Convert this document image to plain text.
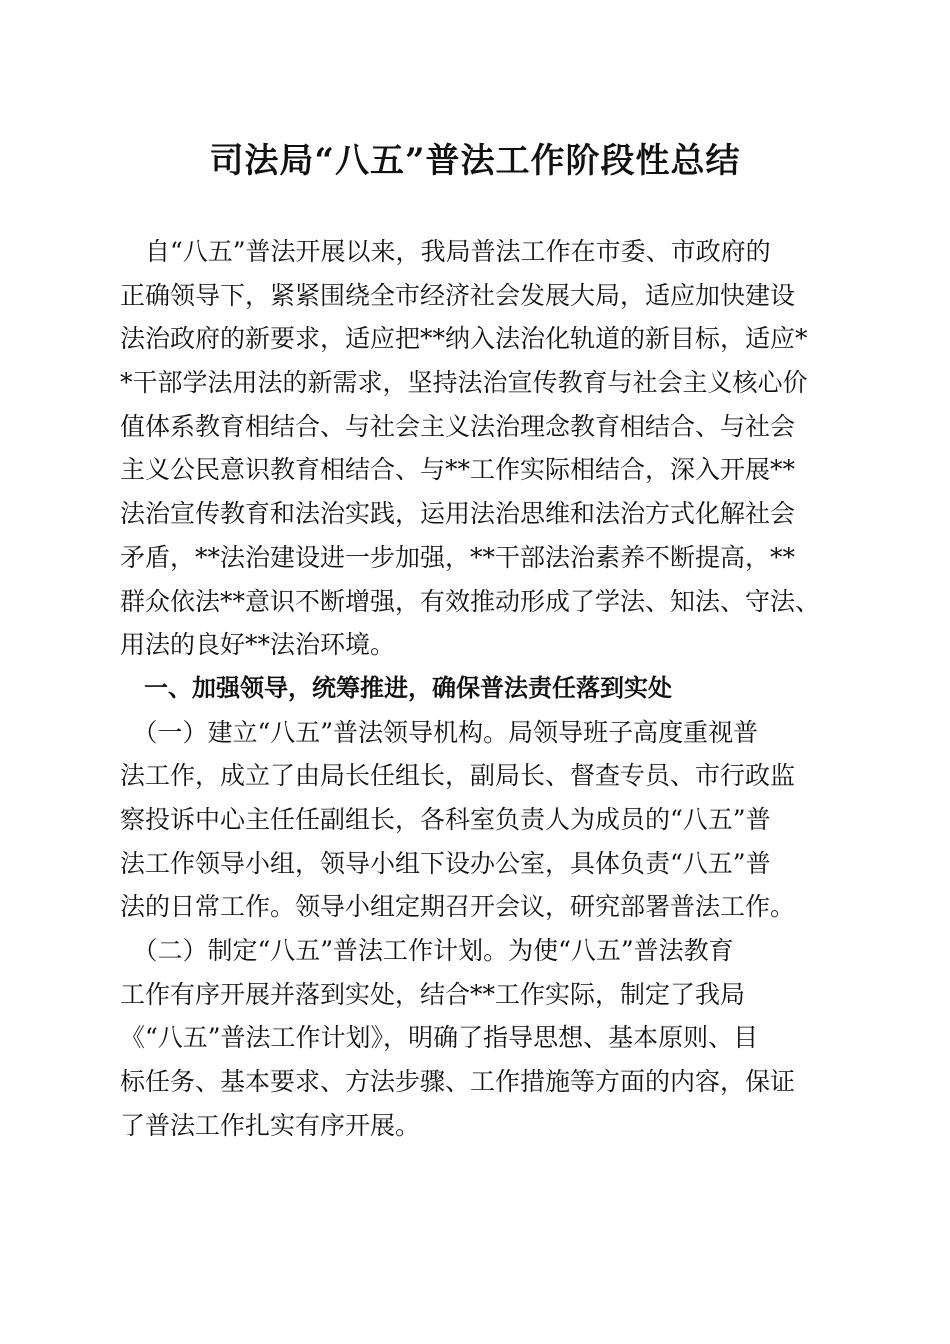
司法局“八五”普法工作阶段性总结
　自“八五”普法开展以来，我局普法工作在市委、市政府的
正确领导下，紧紧围绕全市经济社会发展大局，适应加快建设
法治政府的新要求，适应把**纳入法治化轨道的新目标，适应*
*干部学法用法的新需求，坚持法治宣传教育与社会主义核心价
值体系教育相结合、与社会主义法治理念教育相结合、与社会
主义公民意识教育相结合、与**工作实际相结合，深入开展**
法治宣传教育和法治实践，运用法治思维和法治方式化解社会
矛盾，**法治建设进一步加强，**干部法治素养不断提高，**
群众依法**意识不断增强，有效推动形成了学法、知法、守法、
用法的良好**法治环境。
　一、加强领导，统筹推进，确保普法责任落到实处
　（一）建立“八五”普法领导机构。局领导班子高度重视普
法工作，成立了由局长任组长，副局长、督查专员、市行政监
察投诉中心主任任副组长，各科室负责人为成员的“八五”普
法工作领导小组，领导小组下设办公室，具体负责“八五”普
法的日常工作。领导小组定期召开会议，研究部署普法工作。
　（二）制定“八五”普法工作计划。为使“八五”普法教育
工作有序开展并落到实处，结合**工作实际，制定了我局
《“八五”普法工作计划》，明确了指导思想、基本原则、目
标任务、基本要求、方法步骤、工作措施等方面的内容，保证
了普法工作扎实有序开展。
